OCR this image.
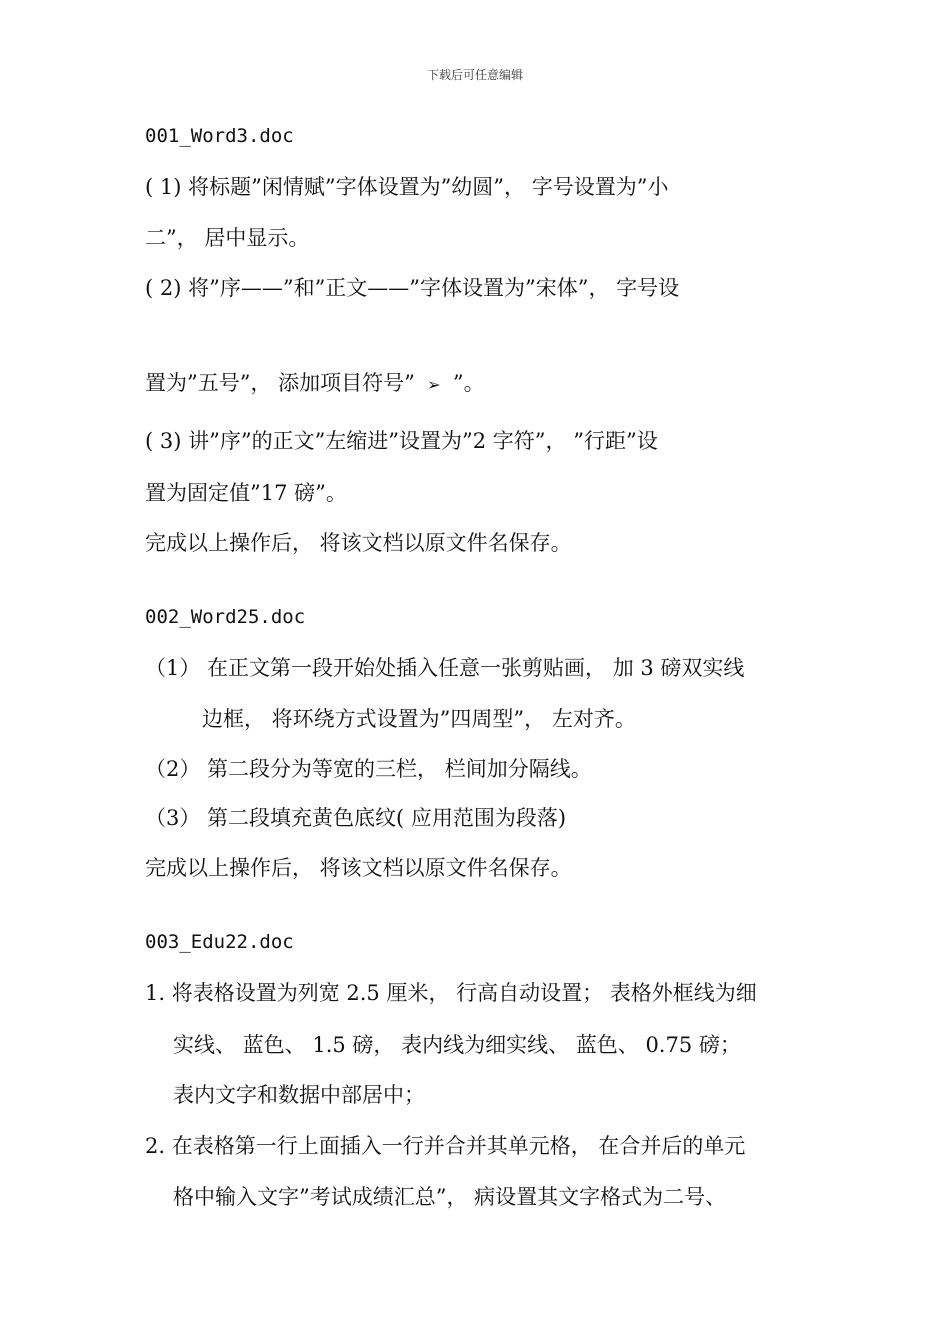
下载后可任意编辑
001_Word3.doc
( 1) 将标题”闲情赋”字体设置为”幼圆”， 字号设置为”小
二”， 居中显示。
( 2) 将”序——”和”正文——”字体设置为”宋体”， 字号设
置为”五号”， 添加项目符号” ➢ ”。
( 3) 讲”序”的正文”左缩进”设置为”2 字符”， ”行距”设
置为固定值”17 磅”。
完成以上操作后， 将该文档以原文件名保存。
002_Word25.doc
（1） 在正文第一段开始处插入任意一张剪贴画， 加 3 磅双实线
边框， 将环绕方式设置为”四周型”， 左对齐。
（2） 第二段分为等宽的三栏， 栏间加分隔线。
（3） 第二段填充黄色底纹( 应用范围为段落)
完成以上操作后， 将该文档以原文件名保存。
003_Edu22.doc
1. 将表格设置为列宽 2.5 厘米， 行高自动设置； 表格外框线为细
实线、 蓝色、 1.5 磅， 表内线为细实线、 蓝色、 0.75 磅；
表内文字和数据中部居中；
2. 在表格第一行上面插入一行并合并其单元格， 在合并后的单元
格中输入文字”考试成绩汇总”， 病设置其文字格式为二号、
